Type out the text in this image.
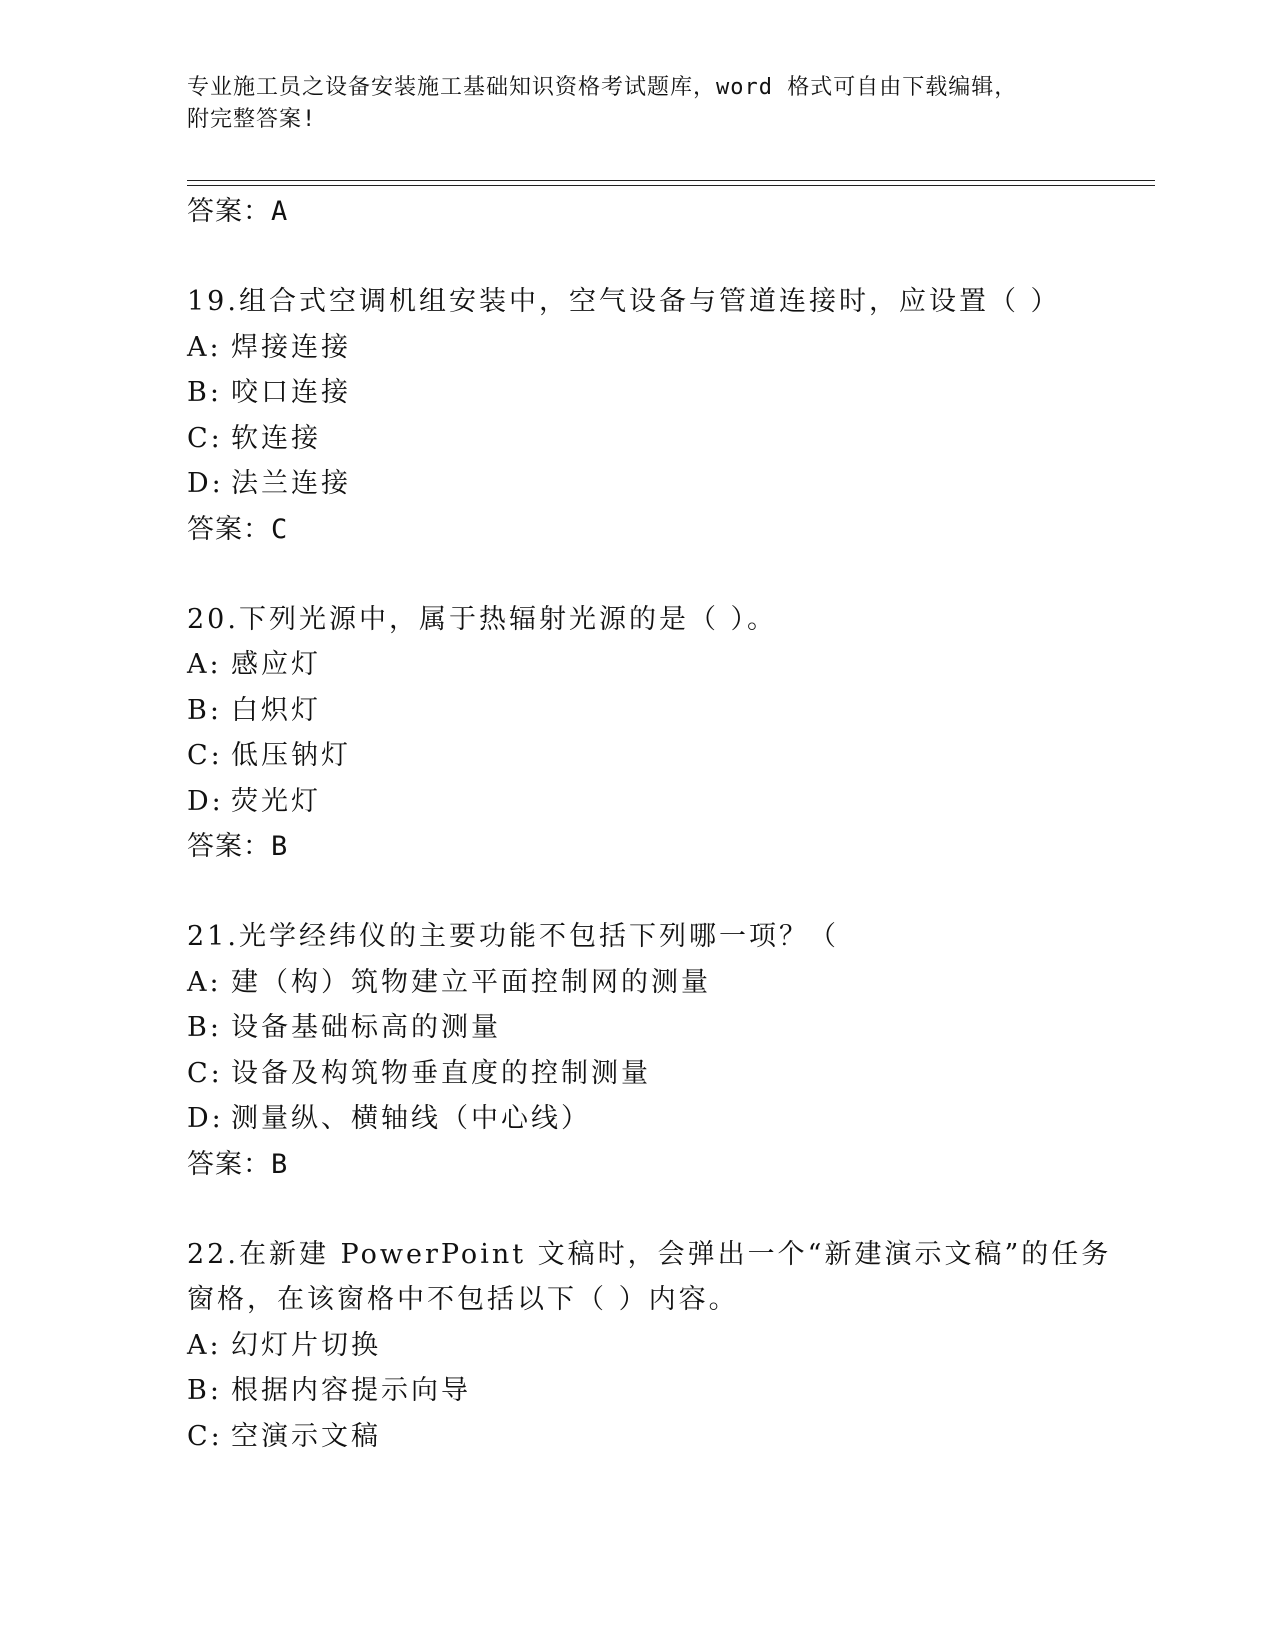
专业施工员之设备安装施工基础知识资格考试题库，word 格式可自由下载编辑，
附完整答案!
答案：A
19.组合式空调机组安装中，空气设备与管道连接时，应设置（ ）
A: 焊接连接
B: 咬口连接
C: 软连接
D: 法兰连接
答案：C
20.下列光源中，属于热辐射光源的是（ ）。
A: 感应灯
B: 白炽灯
C: 低压钠灯
D: 荧光灯
答案：B
21.光学经纬仪的主要功能不包括下列哪一项？（
A: 建（构）筑物建立平面控制网的测量
B: 设备基础标高的测量
C: 设备及构筑物垂直度的控制测量
D: 测量纵、横轴线（中心线）
答案：B
22.在新建 PowerPoint 文稿时，会弹出一个“新建演示文稿”的任务
窗格，在该窗格中不包括以下（ ）内容。
A: 幻灯片切换
B: 根据内容提示向导
C: 空演示文稿
